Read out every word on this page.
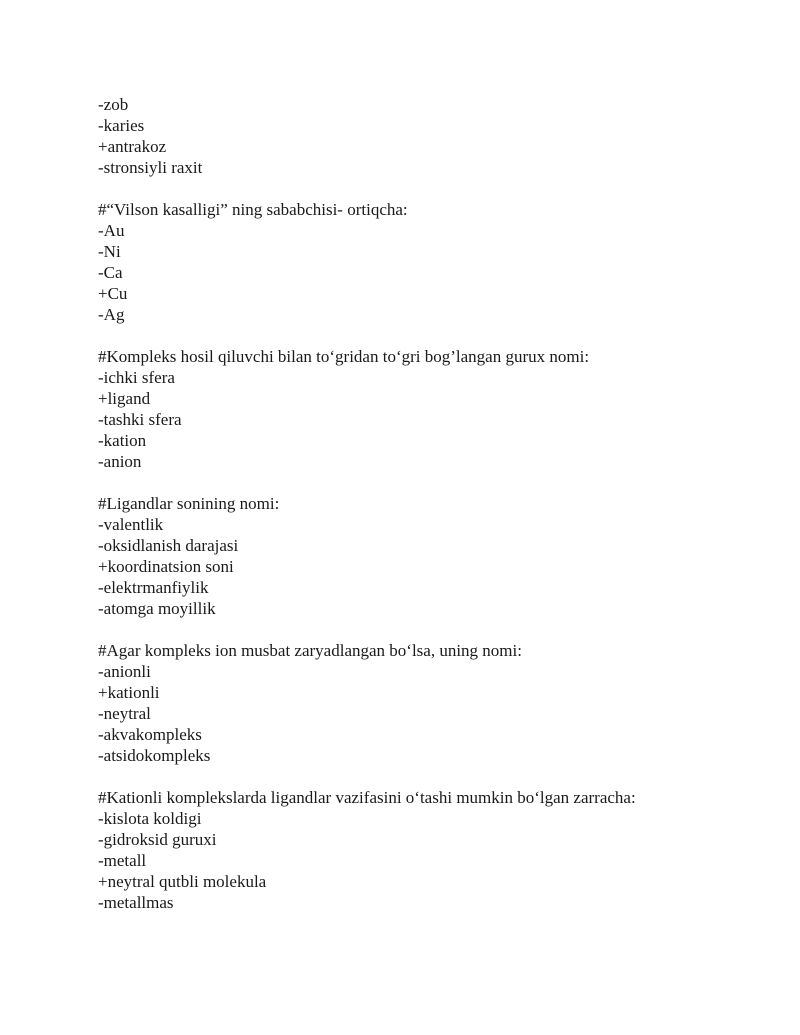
-zob
-karies
+antrakoz
-stronsiyli raxit
#“Vilson kasalligi” ning sababchisi- ortiqcha:
-Au
-Ni
-Ca
+Cu
-Ag
#Kompleks hosil qiluvchi bilan to‘gridan to‘gri bog’langan gurux nomi:
-ichki sfera
+ligand
-tashki sfera
-kation
-anion
#Ligandlar sonining nomi:
-valentlik
-oksidlanish darajasi
+koordinatsion soni
-elektrmanfiylik
-atomga moyillik
#Agar kompleks ion musbat zaryadlangan bo‘lsa, uning nomi:
-anionli
+kationli
-neytral
-akvakompleks
-atsidokompleks
#Kationli komplekslarda ligandlar vazifasini o‘tashi mumkin bo‘lgan zarracha:
-kislota koldigi
-gidroksid guruxi
-metall
+neytral qutbli molekula
-metallmas
